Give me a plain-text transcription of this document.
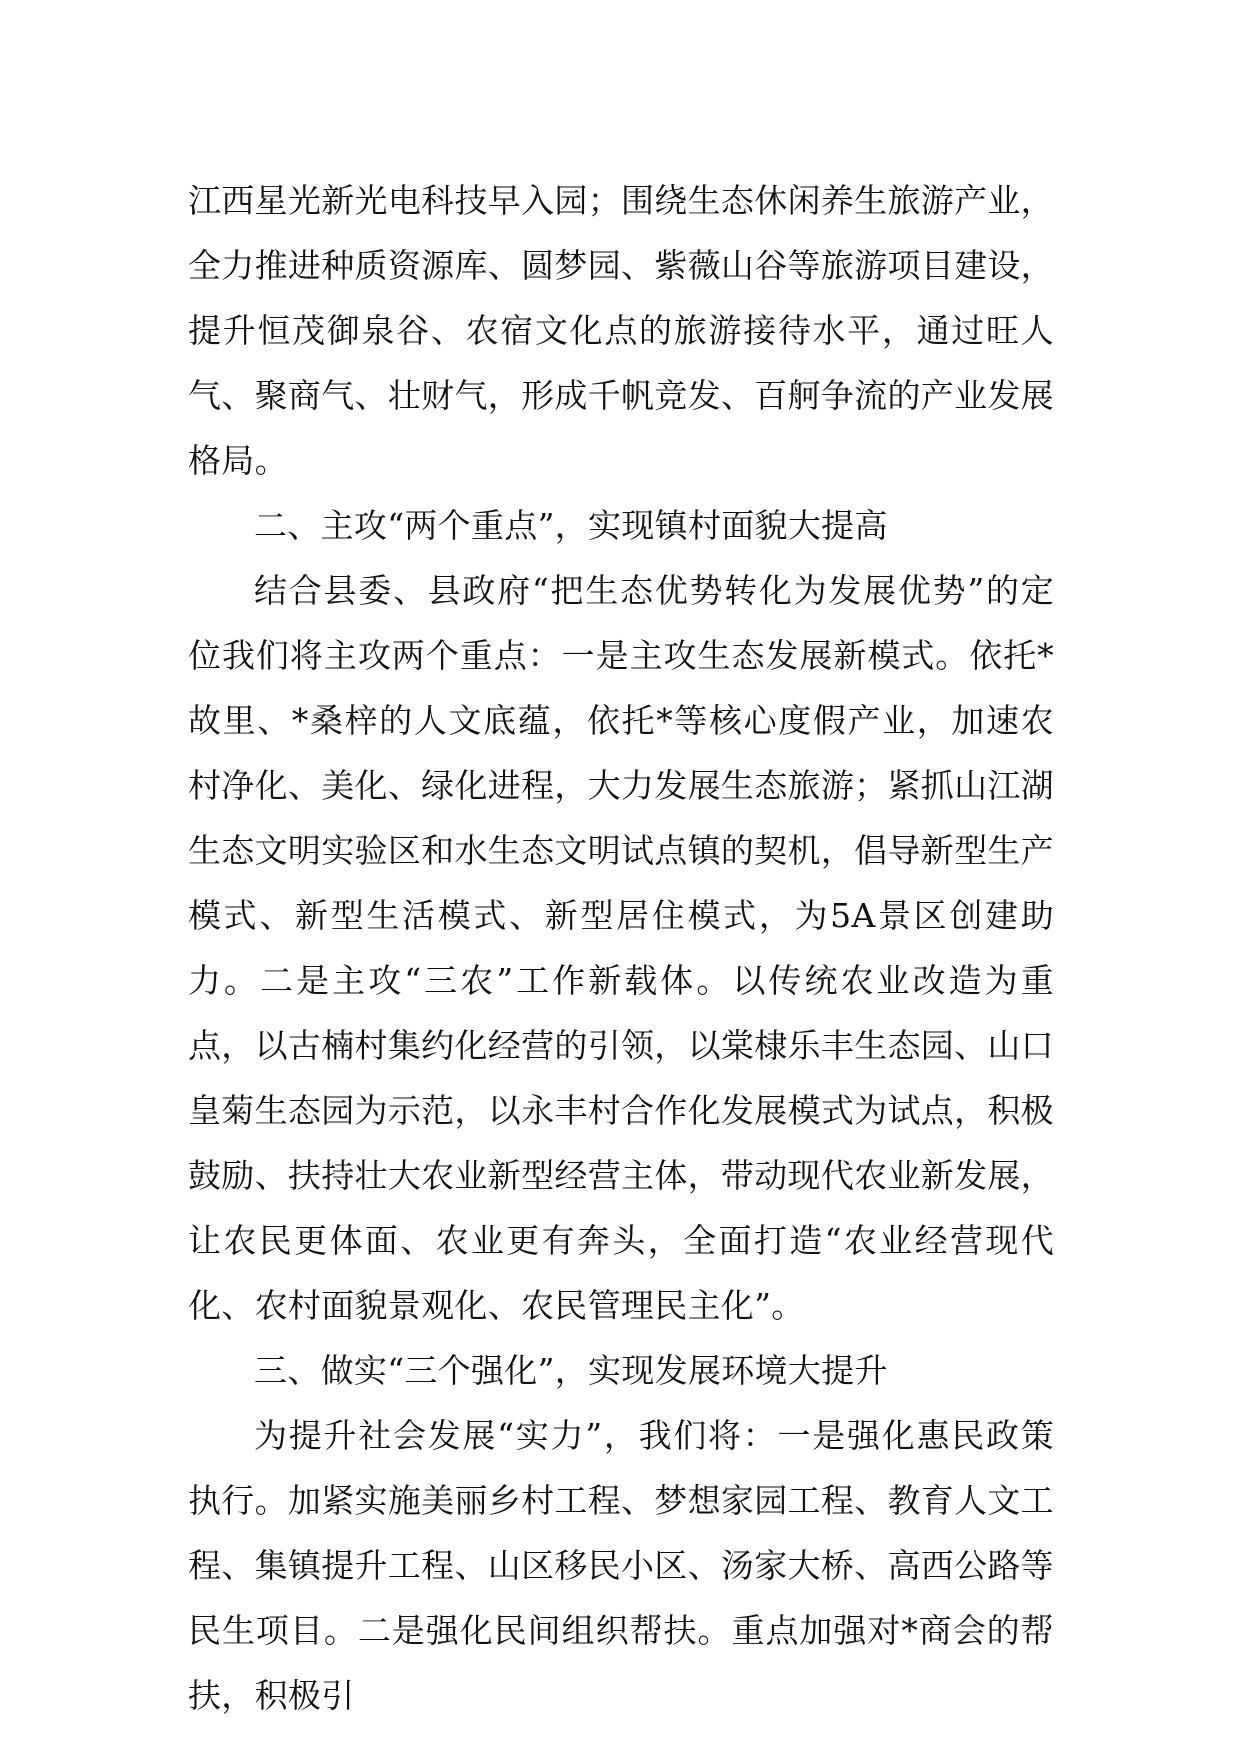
江西星光新光电科技早入园；围绕生态休闲养生旅游产业，全力推进种质资源库、圆梦园、紫薇山谷等旅游项目建设，提升恒茂御泉谷、农宿文化点的旅游接待水平，通过旺人气、聚商气、壮财气，形成千帆竞发、百舸争流的产业发展格局。

二、主攻“两个重点”，实现镇村面貌大提高

结合县委、县政府“把生态优势转化为发展优势”的定位我们将主攻两个重点：一是主攻生态发展新模式。依托*故里、*桑梓的人文底蕴，依托*等核心度假产业，加速农村净化、美化、绿化进程，大力发展生态旅游；紧抓山江湖生态文明实验区和水生态文明试点镇的契机，倡导新型生产模式、新型生活模式、新型居住模式，为5A景区创建助力。二是主攻“三农”工作新载体。以传统农业改造为重点，以古楠村集约化经营的引领，以棠棣乐丰生态园、山口皇菊生态园为示范，以永丰村合作化发展模式为试点，积极鼓励、扶持壮大农业新型经营主体，带动现代农业新发展，让农民更体面、农业更有奔头，全面打造“农业经营现代化、农村面貌景观化、农民管理民主化”。

三、做实“三个强化”，实现发展环境大提升

为提升社会发展“实力”，我们将：一是强化惠民政策执行。加紧实施美丽乡村工程、梦想家园工程、教育人文工程、集镇提升工程、山区移民小区、汤家大桥、高西公路等民生项目。二是强化民间组织帮扶。重点加强对*商会的帮扶，积极引
